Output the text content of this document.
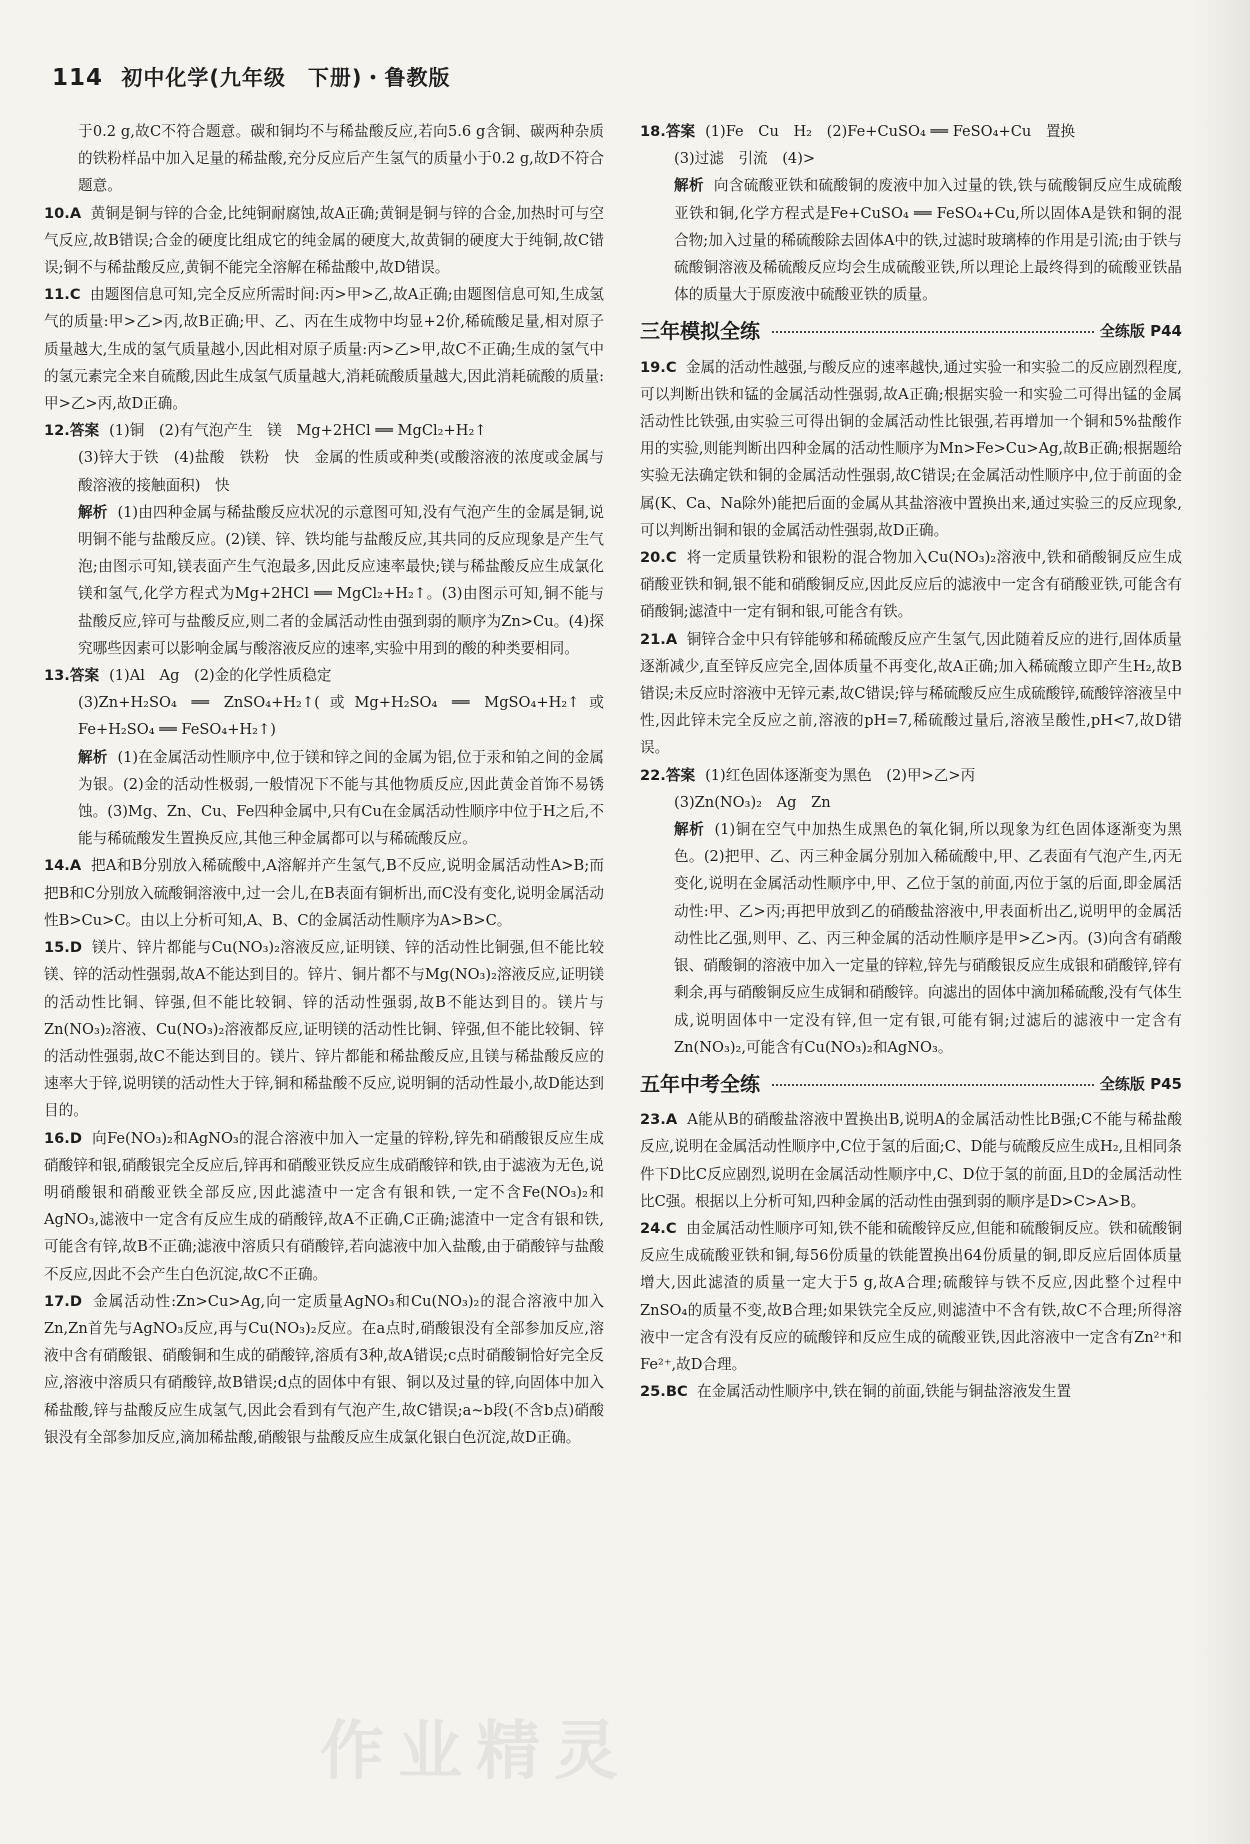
114 初中化学(九年级　下册)・鲁教版

于0.2 g,故C不符合题意。碳和铜均不与稀盐酸反应,若向5.6 g含铜、碳两种杂质的铁粉样品中加入足量的稀盐酸,充分反应后产生氢气的质量小于0.2 g,故D不符合题意。

10.A 黄铜是铜与锌的合金,比纯铜耐腐蚀,故A正确;黄铜是铜与锌的合金,加热时可与空气反应,故B错误;合金的硬度比组成它的纯金属的硬度大,故黄铜的硬度大于纯铜,故C错误;铜不与稀盐酸反应,黄铜不能完全溶解在稀盐酸中,故D错误。

11.C 由题图信息可知,完全反应所需时间:丙>甲>乙,故A正确;由题图信息可知,生成氢气的质量:甲>乙>丙,故B正确;甲、乙、丙在生成物中均显+2价,稀硫酸足量,相对原子质量越大,生成的氢气质量越小,因此相对原子质量:丙>乙>甲,故C不正确;生成的氢气中的氢元素完全来自硫酸,因此生成氢气质量越大,消耗硫酸质量越大,因此消耗硫酸的质量:甲>乙>丙,故D正确。

12.答案 (1)铜　(2)有气泡产生　镁　Mg+2HCl ══ MgCl₂+H₂↑

(3)锌大于铁　(4)盐酸　铁粉　快　金属的性质或种类(或酸溶液的浓度或金属与酸溶液的接触面积)　快

解析 (1)由四种金属与稀盐酸反应状况的示意图可知,没有气泡产生的金属是铜,说明铜不能与盐酸反应。(2)镁、锌、铁均能与盐酸反应,其共同的反应现象是产生气泡;由图示可知,镁表面产生气泡最多,因此反应速率最快;镁与稀盐酸反应生成氯化镁和氢气,化学方程式为Mg+2HCl ══ MgCl₂+H₂↑。(3)由图示可知,铜不能与盐酸反应,锌可与盐酸反应,则二者的金属活动性由强到弱的顺序为Zn>Cu。(4)探究哪些因素可以影响金属与酸溶液反应的速率,实验中用到的酸的种类要相同。

13.答案 (1)Al　Ag　(2)金的化学性质稳定

(3)Zn+H₂SO₄ ══ ZnSO₄+H₂↑(或Mg+H₂SO₄ ══ MgSO₄+H₂↑或Fe+H₂SO₄ ══ FeSO₄+H₂↑)

解析 (1)在金属活动性顺序中,位于镁和锌之间的金属为铝,位于汞和铂之间的金属为银。(2)金的活动性极弱,一般情况下不能与其他物质反应,因此黄金首饰不易锈蚀。(3)Mg、Zn、Cu、Fe四种金属中,只有Cu在金属活动性顺序中位于H之后,不能与稀硫酸发生置换反应,其他三种金属都可以与稀硫酸反应。

14.A 把A和B分别放入稀硫酸中,A溶解并产生氢气,B不反应,说明金属活动性A>B;而把B和C分别放入硫酸铜溶液中,过一会儿,在B表面有铜析出,而C没有变化,说明金属活动性B>Cu>C。由以上分析可知,A、B、C的金属活动性顺序为A>B>C。

15.D 镁片、锌片都能与Cu(NO₃)₂溶液反应,证明镁、锌的活动性比铜强,但不能比较镁、锌的活动性强弱,故A不能达到目的。锌片、铜片都不与Mg(NO₃)₂溶液反应,证明镁的活动性比铜、锌强,但不能比较铜、锌的活动性强弱,故B不能达到目的。镁片与Zn(NO₃)₂溶液、Cu(NO₃)₂溶液都反应,证明镁的活动性比铜、锌强,但不能比较铜、锌的活动性强弱,故C不能达到目的。镁片、锌片都能和稀盐酸反应,且镁与稀盐酸反应的速率大于锌,说明镁的活动性大于锌,铜和稀盐酸不反应,说明铜的活动性最小,故D能达到目的。

16.D 向Fe(NO₃)₂和AgNO₃的混合溶液中加入一定量的锌粉,锌先和硝酸银反应生成硝酸锌和银,硝酸银完全反应后,锌再和硝酸亚铁反应生成硝酸锌和铁,由于滤液为无色,说明硝酸银和硝酸亚铁全部反应,因此滤渣中一定含有银和铁,一定不含Fe(NO₃)₂和AgNO₃,滤液中一定含有反应生成的硝酸锌,故A不正确,C正确;滤渣中一定含有银和铁,可能含有锌,故B不正确;滤液中溶质只有硝酸锌,若向滤液中加入盐酸,由于硝酸锌与盐酸不反应,因此不会产生白色沉淀,故C不正确。

17.D 金属活动性:Zn>Cu>Ag,向一定质量AgNO₃和Cu(NO₃)₂的混合溶液中加入Zn,Zn首先与AgNO₃反应,再与Cu(NO₃)₂反应。在a点时,硝酸银没有全部参加反应,溶液中含有硝酸银、硝酸铜和生成的硝酸锌,溶质有3种,故A错误;c点时硝酸铜恰好完全反应,溶液中溶质只有硝酸锌,故B错误;d点的固体中有银、铜以及过量的锌,向固体中加入稀盐酸,锌与盐酸反应生成氢气,因此会看到有气泡产生,故C错误;a~b段(不含b点)硝酸银没有全部参加反应,滴加稀盐酸,硝酸银与盐酸反应生成氯化银白色沉淀,故D正确。

18.答案 (1)Fe　Cu　H₂　(2)Fe+CuSO₄ ══ FeSO₄+Cu　置换

(3)过滤　引流　(4)>

解析 向含硫酸亚铁和硫酸铜的废液中加入过量的铁,铁与硫酸铜反应生成硫酸亚铁和铜,化学方程式是Fe+CuSO₄ ══ FeSO₄+Cu,所以固体A是铁和铜的混合物;加入过量的稀硫酸除去固体A中的铁,过滤时玻璃棒的作用是引流;由于铁与硫酸铜溶液及稀硫酸反应均会生成硫酸亚铁,所以理论上最终得到的硫酸亚铁晶体的质量大于原废液中硫酸亚铁的质量。

三年模拟全练	全练版 P44

19.C 金属的活动性越强,与酸反应的速率越快,通过实验一和实验二的反应剧烈程度,可以判断出铁和锰的金属活动性强弱,故A正确;根据实验一和实验二可得出锰的金属活动性比铁强,由实验三可得出铜的金属活动性比银强,若再增加一个铜和5%盐酸作用的实验,则能判断出四种金属的活动性顺序为Mn>Fe>Cu>Ag,故B正确;根据题给实验无法确定铁和铜的金属活动性强弱,故C错误;在金属活动性顺序中,位于前面的金属(K、Ca、Na除外)能把后面的金属从其盐溶液中置换出来,通过实验三的反应现象,可以判断出铜和银的金属活动性强弱,故D正确。

20.C 将一定质量铁粉和银粉的混合物加入Cu(NO₃)₂溶液中,铁和硝酸铜反应生成硝酸亚铁和铜,银不能和硝酸铜反应,因此反应后的滤液中一定含有硝酸亚铁,可能含有硝酸铜;滤渣中一定有铜和银,可能含有铁。

21.A 铜锌合金中只有锌能够和稀硫酸反应产生氢气,因此随着反应的进行,固体质量逐渐减少,直至锌反应完全,固体质量不再变化,故A正确;加入稀硫酸立即产生H₂,故B错误;未反应时溶液中无锌元素,故C错误;锌与稀硫酸反应生成硫酸锌,硫酸锌溶液呈中性,因此锌未完全反应之前,溶液的pH=7,稀硫酸过量后,溶液呈酸性,pH<7,故D错误。

22.答案 (1)红色固体逐渐变为黑色　(2)甲>乙>丙

(3)Zn(NO₃)₂　Ag　Zn

解析 (1)铜在空气中加热生成黑色的氧化铜,所以现象为红色固体逐渐变为黑色。(2)把甲、乙、丙三种金属分别加入稀硫酸中,甲、乙表面有气泡产生,丙无变化,说明在金属活动性顺序中,甲、乙位于氢的前面,丙位于氢的后面,即金属活动性:甲、乙>丙;再把甲放到乙的硝酸盐溶液中,甲表面析出乙,说明甲的金属活动性比乙强,则甲、乙、丙三种金属的活动性顺序是甲>乙>丙。(3)向含有硝酸银、硝酸铜的溶液中加入一定量的锌粒,锌先与硝酸银反应生成银和硝酸锌,锌有剩余,再与硝酸铜反应生成铜和硝酸锌。向滤出的固体中滴加稀硫酸,没有气体生成,说明固体中一定没有锌,但一定有银,可能有铜;过滤后的滤液中一定含有Zn(NO₃)₂,可能含有Cu(NO₃)₂和AgNO₃。

五年中考全练	全练版 P45

23.A A能从B的硝酸盐溶液中置换出B,说明A的金属活动性比B强;C不能与稀盐酸反应,说明在金属活动性顺序中,C位于氢的后面;C、D能与硫酸反应生成H₂,且相同条件下D比C反应剧烈,说明在金属活动性顺序中,C、D位于氢的前面,且D的金属活动性比C强。根据以上分析可知,四种金属的活动性由强到弱的顺序是D>C>A>B。

24.C 由金属活动性顺序可知,铁不能和硫酸锌反应,但能和硫酸铜反应。铁和硫酸铜反应生成硫酸亚铁和铜,每56份质量的铁能置换出64份质量的铜,即反应后固体质量增大,因此滤渣的质量一定大于5 g,故A合理;硫酸锌与铁不反应,因此整个过程中ZnSO₄的质量不变,故B合理;如果铁完全反应,则滤渣中不含有铁,故C不合理;所得溶液中一定含有没有反应的硫酸锌和反应生成的硫酸亚铁,因此溶液中一定含有Zn²⁺和Fe²⁺,故D合理。

25.BC 在金属活动性顺序中,铁在铜的前面,铁能与铜盐溶液发生置

作业精灵
